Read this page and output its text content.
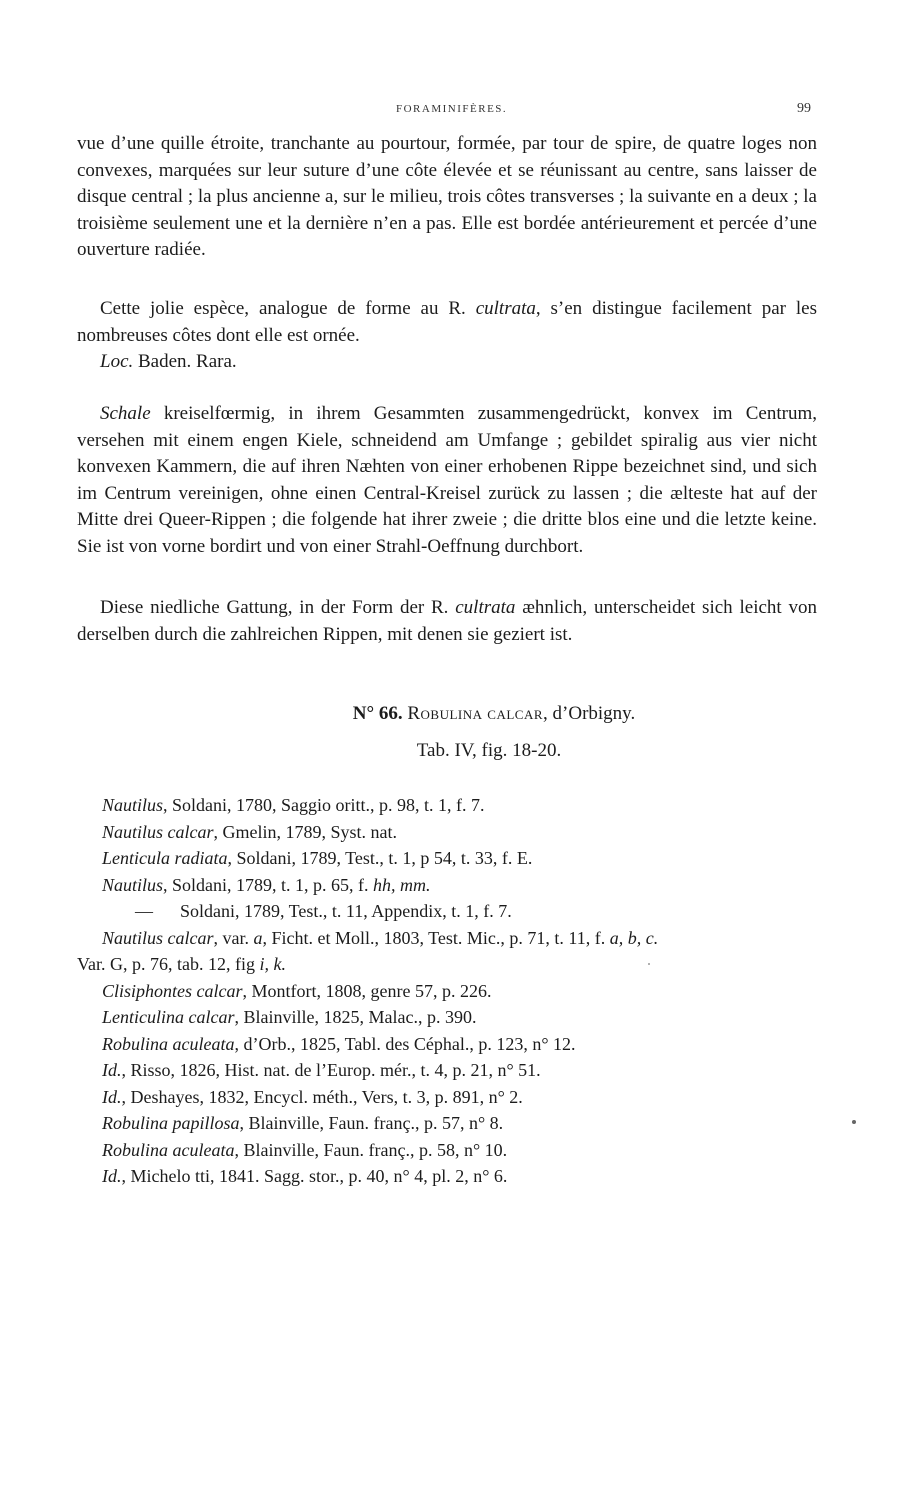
FORAMINIFÈRES.	99

vue d’une quille étroite, tranchante au pourtour, formée, par tour de spire, de quatre loges non convexes, marquées sur leur suture d’une côte élevée et se réunissant au centre, sans laisser de disque central ; la plus ancienne a, sur le milieu, trois côtes transverses ; la suivante en a deux ; la troisième seulement une et la dernière n’en a pas. Elle est bordée antérieurement et percée d’une ouverture radiée.

Cette jolie espèce, analogue de forme au R. cultrata, s’en distingue facilement par les nombreuses côtes dont elle est ornée.

Loc. Baden. Rara.

Schale kreiselfœrmig, in ihrem Gesammten zusammengedrückt, konvex im Centrum, versehen mit einem engen Kiele, schneidend am Umfange ; gebildet spiralig aus vier nicht konvexen Kammern, die auf ihren Næhten von einer erhobenen Rippe bezeichnet sind, und sich im Centrum vereinigen, ohne einen Central-Kreisel zurück zu lassen ; die ælteste hat auf der Mitte drei Queer-Rippen ; die folgende hat ihrer zweie ; die dritte blos eine und die letzte keine. Sie ist von vorne bordirt und von einer Strahl-Oeffnung durchbort.

Diese niedliche Gattung, in der Form der R. cultrata æhnlich, unterscheidet sich leicht von derselben durch die zahlreichen Rippen, mit denen sie geziert ist.

N° 66. Robulina calcar, d’Orbigny.
Tab. IV, fig. 18-20.
Nautilus, Soldani, 1780, Saggio oritt., p. 98, t. 1, f. 7.
Nautilus calcar, Gmelin, 1789, Syst. nat.
Lenticula radiata, Soldani, 1789, Test., t. 1, p 54, t. 33, f. E.
Nautilus, Soldani, 1789, t. 1, p. 65, f. hh, mm.
— Soldani, 1789, Test., t. 11, Appendix, t. 1, f. 7.
Nautilus calcar, var. a, Ficht. et Moll., 1803, Test. Mic., p. 71, t. 11, f. a, b, c.
Var. G, p. 76, tab. 12, fig i, k.
Clisiphontes calcar, Montfort, 1808, genre 57, p. 226.
Lenticulina calcar, Blainville, 1825, Malac., p. 390.
Robulina aculeata, d’Orb., 1825, Tabl. des Céphal., p. 123, n° 12.
Id., Risso, 1826, Hist. nat. de l’Europ. mér., t. 4, p. 21, n° 51.
Id., Deshayes, 1832, Encycl. méth., Vers, t. 3, p. 891, n° 2.
Robulina papillosa, Blainville, Faun. franç., p. 57, n° 8.
Robulina aculeata, Blainville, Faun. franç., p. 58, n° 10.
Id., Michelo tti, 1841. Sagg. stor., p. 40, n° 4, pl. 2, n° 6.
